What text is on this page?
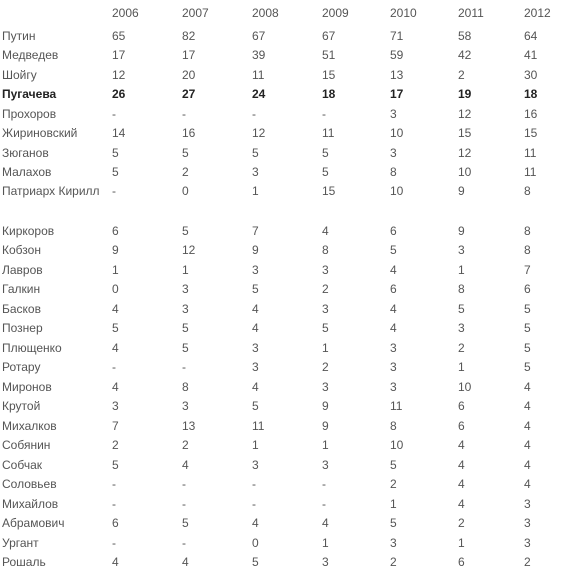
	2006	2007	2008	2009	2010	2011	2012
Путин	65	82	67	67	71	58	64
Медведев	17	17	39	51	59	42	41
Шойгу	12	20	11	15	13	2	30
Пугачева	26	27	24	18	17	19	18
Прохоров	-	-	-	-	3	12	16
Жириновский	14	16	12	11	10	15	15
Зюганов	5	5	5	5	3	12	11
Малахов	5	2	3	5	8	10	11
Патриарх Кирилл	-	0	1	15	10	9	8
Киркоров	6	5	7	4	6	9	8
Кобзон	9	12	9	8	5	3	8
Лавров	1	1	3	3	4	1	7
Галкин	0	3	5	2	6	8	6
Басков	4	3	4	3	4	5	5
Познер	5	5	4	5	4	3	5
Плющенко	4	5	3	1	3	2	5
Ротару	-	-	3	2	3	1	5
Миронов	4	8	4	3	3	10	4
Крутой	3	3	5	9	11	6	4
Михалков	7	13	11	9	8	6	4
Собянин	2	2	1	1	10	4	4
Собчак	5	4	3	3	5	4	4
Соловьев	-	-	-	-	2	4	4
Михайлов	-	-	-	-	1	4	3
Абрамович	6	5	4	4	5	2	3
Ургант	-	-	0	1	3	1	3
Рошаль	4	4	5	3	2	6	2
